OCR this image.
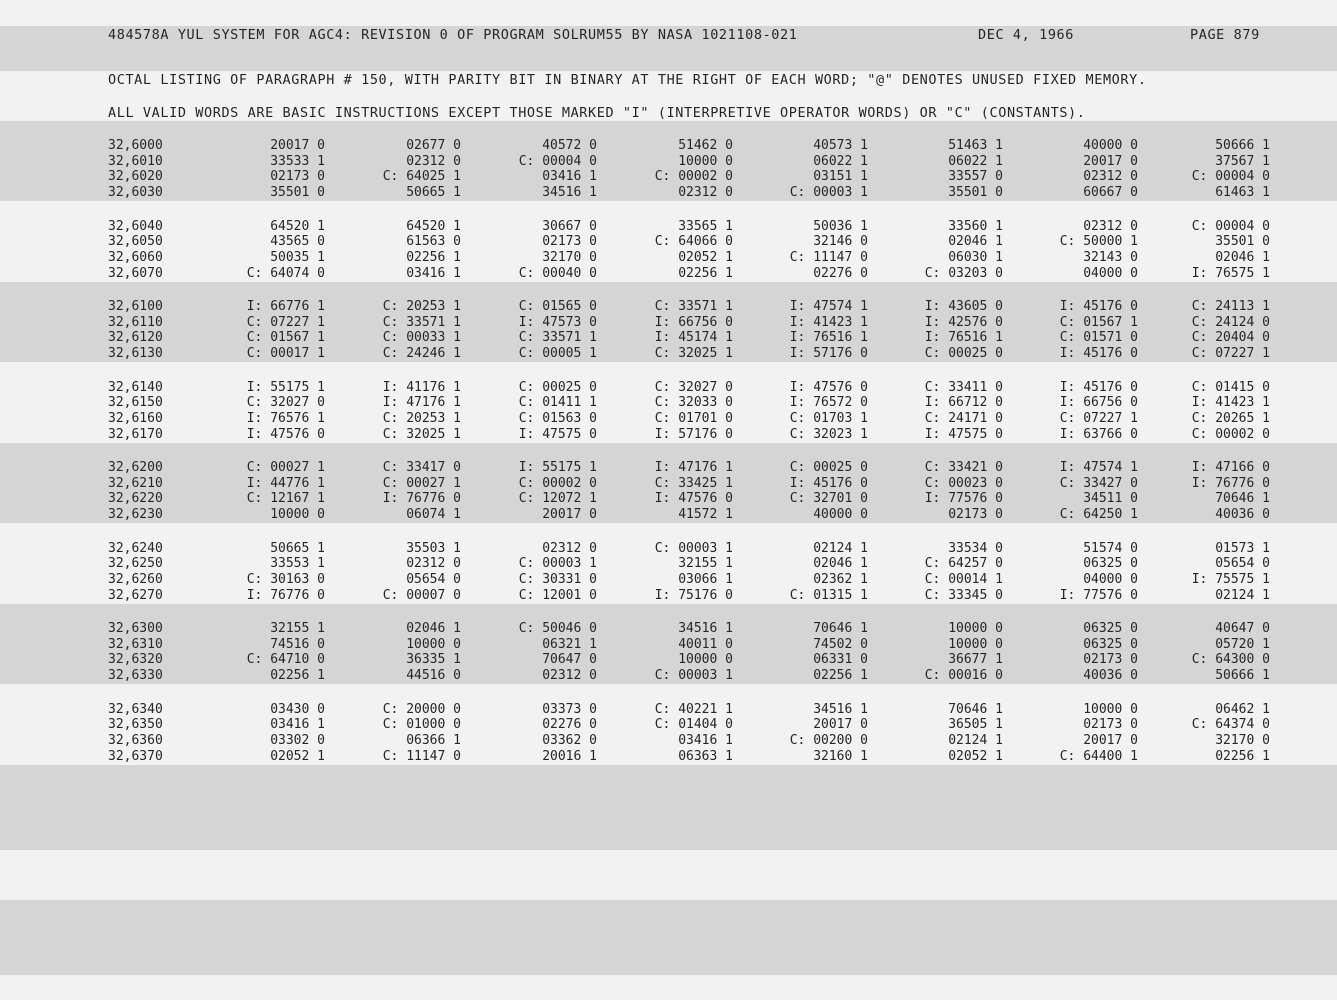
484578A YUL SYSTEM FOR AGC4: REVISION 0 OF PROGRAM SOLRUM55 BY NASA 1021108-021	DEC 4, 1966	PAGE 879
OCTAL LISTING OF PARAGRAPH # 150, WITH PARITY BIT IN BINARY AT THE RIGHT OF EACH WORD; "@" DENOTES UNUSED FIXED MEMORY.
ALL VALID WORDS ARE BASIC INSTRUCTIONS EXCEPT THOSE MARKED "I" (INTERPRETIVE OPERATOR WORDS) OR "C" (CONSTANTS).
32,6000	20017 0	02677 0	40572 0	51462 0	40573 1	51463 1	40000 0	50666 1
32,6010	33533 1	02312 0	C: 00004 0	10000 0	06022 1	06022 1	20017 0	37567 1
32,6020	02173 0	C: 64025 1	03416 1	C: 00002 0	03151 1	33557 0	02312 0	C: 00004 0
32,6030	35501 0	50665 1	34516 1	02312 0	C: 00003 1	35501 0	60667 0	61463 1
32,6040	64520 1	64520 1	30667 0	33565 1	50036 1	33560 1	02312 0	C: 00004 0
32,6050	43565 0	61563 0	02173 0	C: 64066 0	32146 0	02046 1	C: 50000 1	35501 0
32,6060	50035 1	02256 1	32170 0	02052 1	C: 11147 0	06030 1	32143 0	02046 1
32,6070	C: 64074 0	03416 1	C: 00040 0	02256 1	02276 0	C: 03203 0	04000 0	I: 76575 1
32,6100	I: 66776 1	C: 20253 1	C: 01565 0	C: 33571 1	I: 47574 1	I: 43605 0	I: 45176 0	C: 24113 1
32,6110	C: 07227 1	C: 33571 1	I: 47573 0	I: 66756 0	I: 41423 1	I: 42576 0	C: 01567 1	C: 24124 0
32,6120	C: 01567 1	C: 00033 1	C: 33571 1	I: 45174 1	I: 76516 1	I: 76516 1	C: 01571 0	C: 20404 0
32,6130	C: 00017 1	C: 24246 1	C: 00005 1	C: 32025 1	I: 57176 0	C: 00025 0	I: 45176 0	C: 07227 1
32,6140	I: 55175 1	I: 41176 1	C: 00025 0	C: 32027 0	I: 47576 0	C: 33411 0	I: 45176 0	C: 01415 0
32,6150	C: 32027 0	I: 47176 1	C: 01411 1	C: 32033 0	I: 76572 0	I: 66712 0	I: 66756 0	I: 41423 1
32,6160	I: 76576 1	C: 20253 1	C: 01563 0	C: 01701 0	C: 01703 1	C: 24171 0	C: 07227 1	C: 20265 1
32,6170	I: 47576 0	C: 32025 1	I: 47575 0	I: 57176 0	C: 32023 1	I: 47575 0	I: 63766 0	C: 00002 0
32,6200	C: 00027 1	C: 33417 0	I: 55175 1	I: 47176 1	C: 00025 0	C: 33421 0	I: 47574 1	I: 47166 0
32,6210	I: 44776 1	C: 00027 1	C: 00002 0	C: 33425 1	I: 45176 0	C: 00023 0	C: 33427 0	I: 76776 0
32,6220	C: 12167 1	I: 76776 0	C: 12072 1	I: 47576 0	C: 32701 0	I: 77576 0	34511 0	70646 1
32,6230	10000 0	06074 1	20017 0	41572 1	40000 0	02173 0	C: 64250 1	40036 0
32,6240	50665 1	35503 1	02312 0	C: 00003 1	02124 1	33534 0	51574 0	01573 1
32,6250	33553 1	02312 0	C: 00003 1	32155 1	02046 1	C: 64257 0	06325 0	05654 0
32,6260	C: 30163 0	05654 0	C: 30331 0	03066 1	02362 1	C: 00014 1	04000 0	I: 75575 1
32,6270	I: 76776 0	C: 00007 0	C: 12001 0	I: 75176 0	C: 01315 1	C: 33345 0	I: 77576 0	02124 1
32,6300	32155 1	02046 1	C: 50046 0	34516 1	70646 1	10000 0	06325 0	40647 0
32,6310	74516 0	10000 0	06321 1	40011 0	74502 0	10000 0	06325 0	05720 1
32,6320	C: 64710 0	36335 1	70647 0	10000 0	06331 0	36677 1	02173 0	C: 64300 0
32,6330	02256 1	44516 0	02312 0	C: 00003 1	02256 1	C: 00016 0	40036 0	50666 1
32,6340	03430 0	C: 20000 0	03373 0	C: 40221 1	34516 1	70646 1	10000 0	06462 1
32,6350	03416 1	C: 01000 0	02276 0	C: 01404 0	20017 0	36505 1	02173 0	C: 64374 0
32,6360	03302 0	06366 1	03362 0	03416 1	C: 00200 0	02124 1	20017 0	32170 0
32,6370	02052 1	C: 11147 0	20016 1	06363 1	32160 1	02052 1	C: 64400 1	02256 1
